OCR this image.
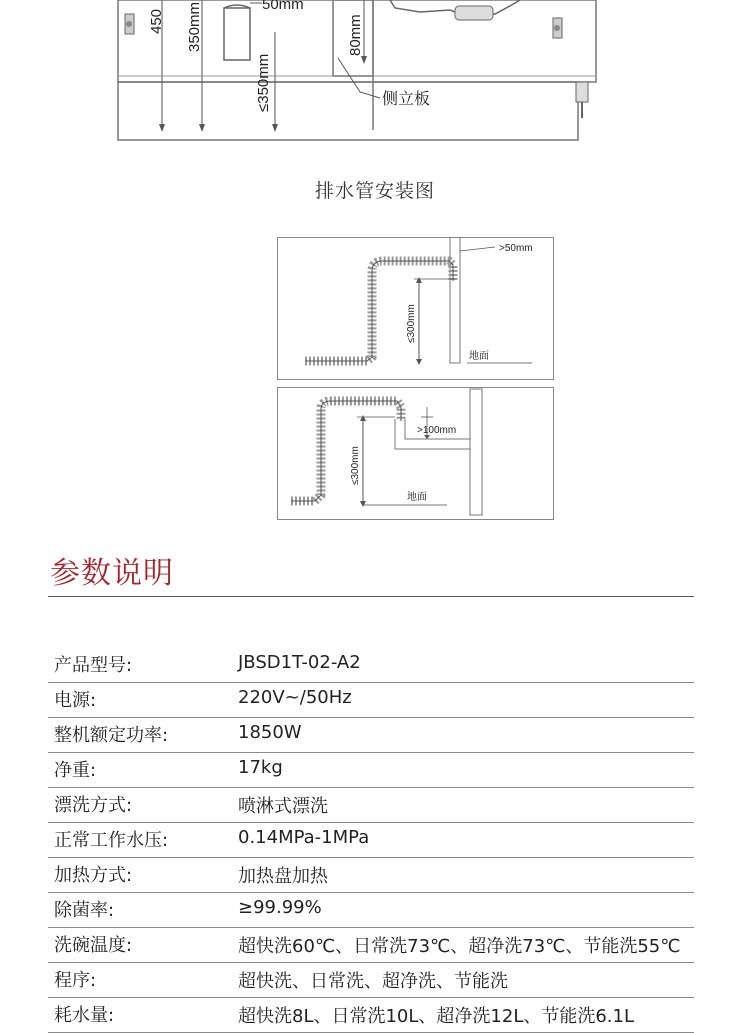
450 350mm	50mm
≤350mm
80mm
侧立板
排水管安装图
>50mm
≤300mm
地面
>100mm
≤300mm
地面
参数说明
产品型号:	JBSD1T-02-A2
电源:	220V~/50Hz
整机额定功率:	1850W
净重:	17kg
漂洗方式:	喷淋式漂洗
正常工作水压:	0.14MPa-1MPa
加热方式:	加热盘加热
除菌率:	≥99.99%
洗碗温度:	超快洗60℃、日常洗73℃、超净洗73℃、节能洗55℃
程序:	超快洗、日常洗、超净洗、节能洗
耗水量:	超快洗8L、日常洗10L、超净洗12L、节能洗6.1L
